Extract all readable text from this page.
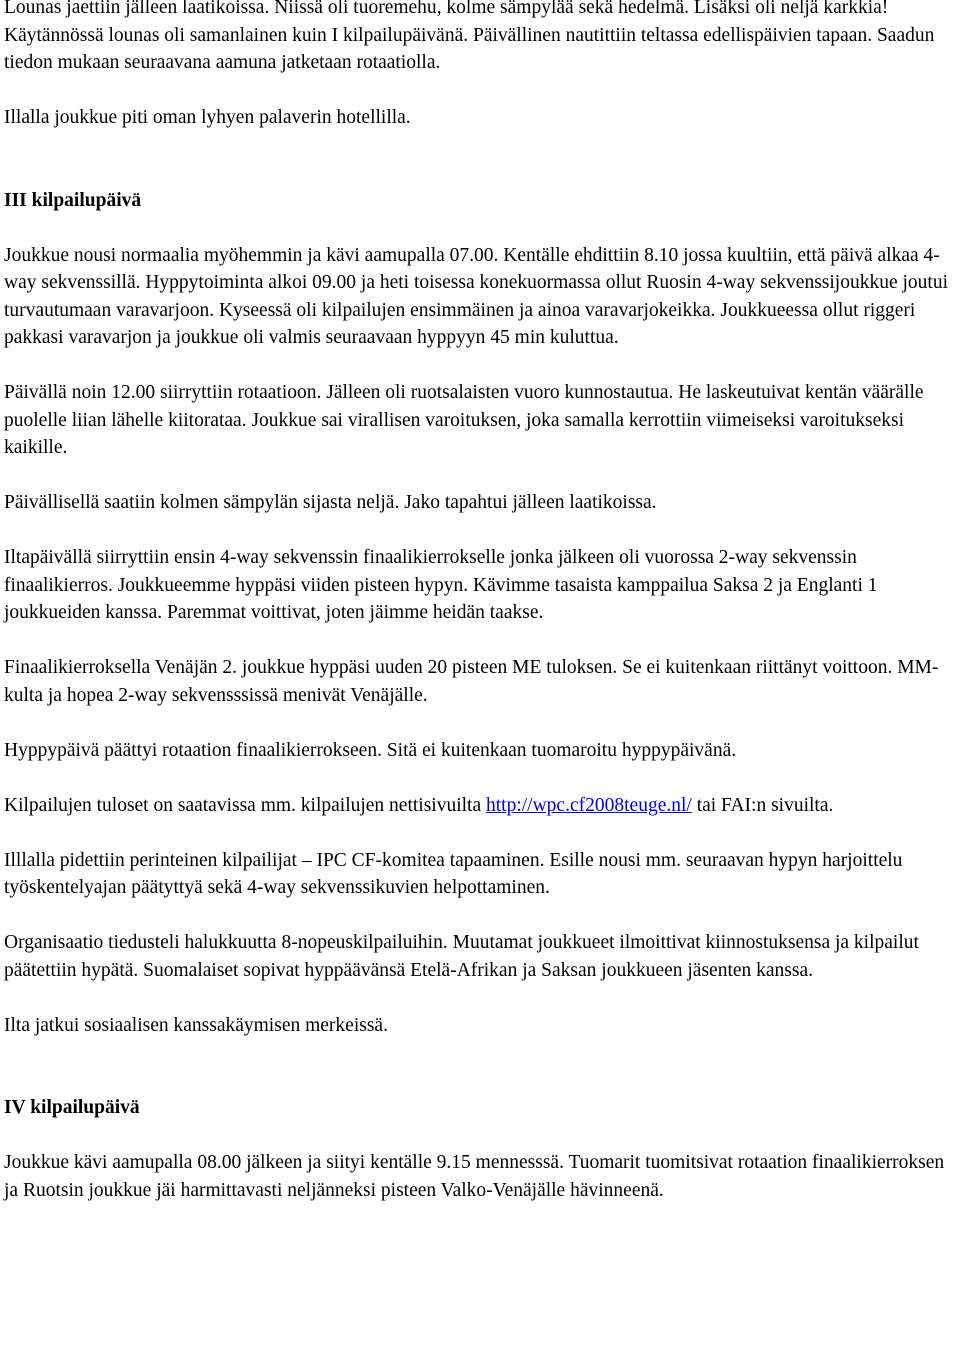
Lounas jaettiin jälleen laatikoissa. Niissä oli tuoremehu, kolme sämpylää sekä hedelmä. Lisäksi oli neljä karkkia! Käytännössä lounas oli samanlainen kuin I kilpailupäivänä. Päivällinen nautittiin teltassa edellispäivien tapaan. Saadun tiedon mukaan seuraavana aamuna jatketaan rotaatiolla.

Illalla joukkue piti oman lyhyen palaverin hotellilla.

III kilpailupäivä

Joukkue nousi normaalia myöhemmin ja kävi aamupalla 07.00. Kentälle ehdittiin 8.10 jossa kuultiin, että päivä alkaa 4-way sekvenssillä. Hyppytoiminta alkoi 09.00 ja heti toisessa konekuormassa ollut Ruosin 4-way sekvenssijoukkue joutui turvautumaan varavarjoon. Kyseessä oli kilpailujen ensimmäinen ja ainoa varavarjokeikka. Joukkueessa ollut riggeri pakkasi varavarjon ja joukkue oli valmis seuraavaan hyppyyn 45 min kuluttua.

Päivällä noin 12.00 siirryttiin rotaatioon. Jälleen oli ruotsalaisten vuoro kunnostautua. He laskeutuivat kentän väärälle puolelle liian lähelle kiitorataa. Joukkue sai virallisen varoituksen, joka samalla kerrottiin viimeiseksi varoitukseksi kaikille.

Päivällisellä saatiin kolmen sämpylän sijasta neljä. Jako tapahtui jälleen laatikoissa.

Iltapäivällä siirryttiin ensin 4-way sekvenssin finaalikierrokselle jonka jälkeen oli vuorossa 2-way sekvenssin finaalikierros. Joukkueemme hyppäsi viiden pisteen hypyn. Kävimme tasaista kamppailua Saksa 2 ja Englanti 1 joukkueiden kanssa. Paremmat voittivat, joten jäimme heidän taakse.

Finaalikierroksella Venäjän 2. joukkue hyppäsi uuden 20 pisteen ME tuloksen. Se ei kuitenkaan riittänyt voittoon. MM-kulta ja hopea 2-way sekvensssissä menivät Venäjälle.

Hyppypäivä päättyi rotaation finaalikierrokseen. Sitä ei kuitenkaan tuomaroitu hyppypäivänä.

Kilpailujen tuloset on saatavissa mm. kilpailujen nettisivuilta http://wpc.cf2008teuge.nl/ tai FAI:n sivuilta.

Illlalla pidettiin perinteinen kilpailijat – IPC CF-komitea tapaaminen. Esille nousi mm. seuraavan hypyn harjoittelu työskentelyajan päätyttyä sekä 4-way sekvenssikuvien helpottaminen.

Organisaatio tiedusteli halukkuutta 8-nopeuskilpailuihin. Muutamat joukkueet ilmoittivat kiinnostuksensa ja kilpailut päätettiin hypätä. Suomalaiset sopivat hyppäävänsä Etelä-Afrikan ja Saksan joukkueen jäsenten kanssa.

Ilta jatkui sosiaalisen kanssakäymisen merkeissä.

IV kilpailupäivä

Joukkue kävi aamupalla 08.00 jälkeen ja siityi kentälle 9.15 mennesssä. Tuomarit tuomitsivat rotaation finaalikierroksen ja Ruotsin joukkue jäi harmittavasti neljänneksi pisteen Valko-Venäjälle hävinneenä.
